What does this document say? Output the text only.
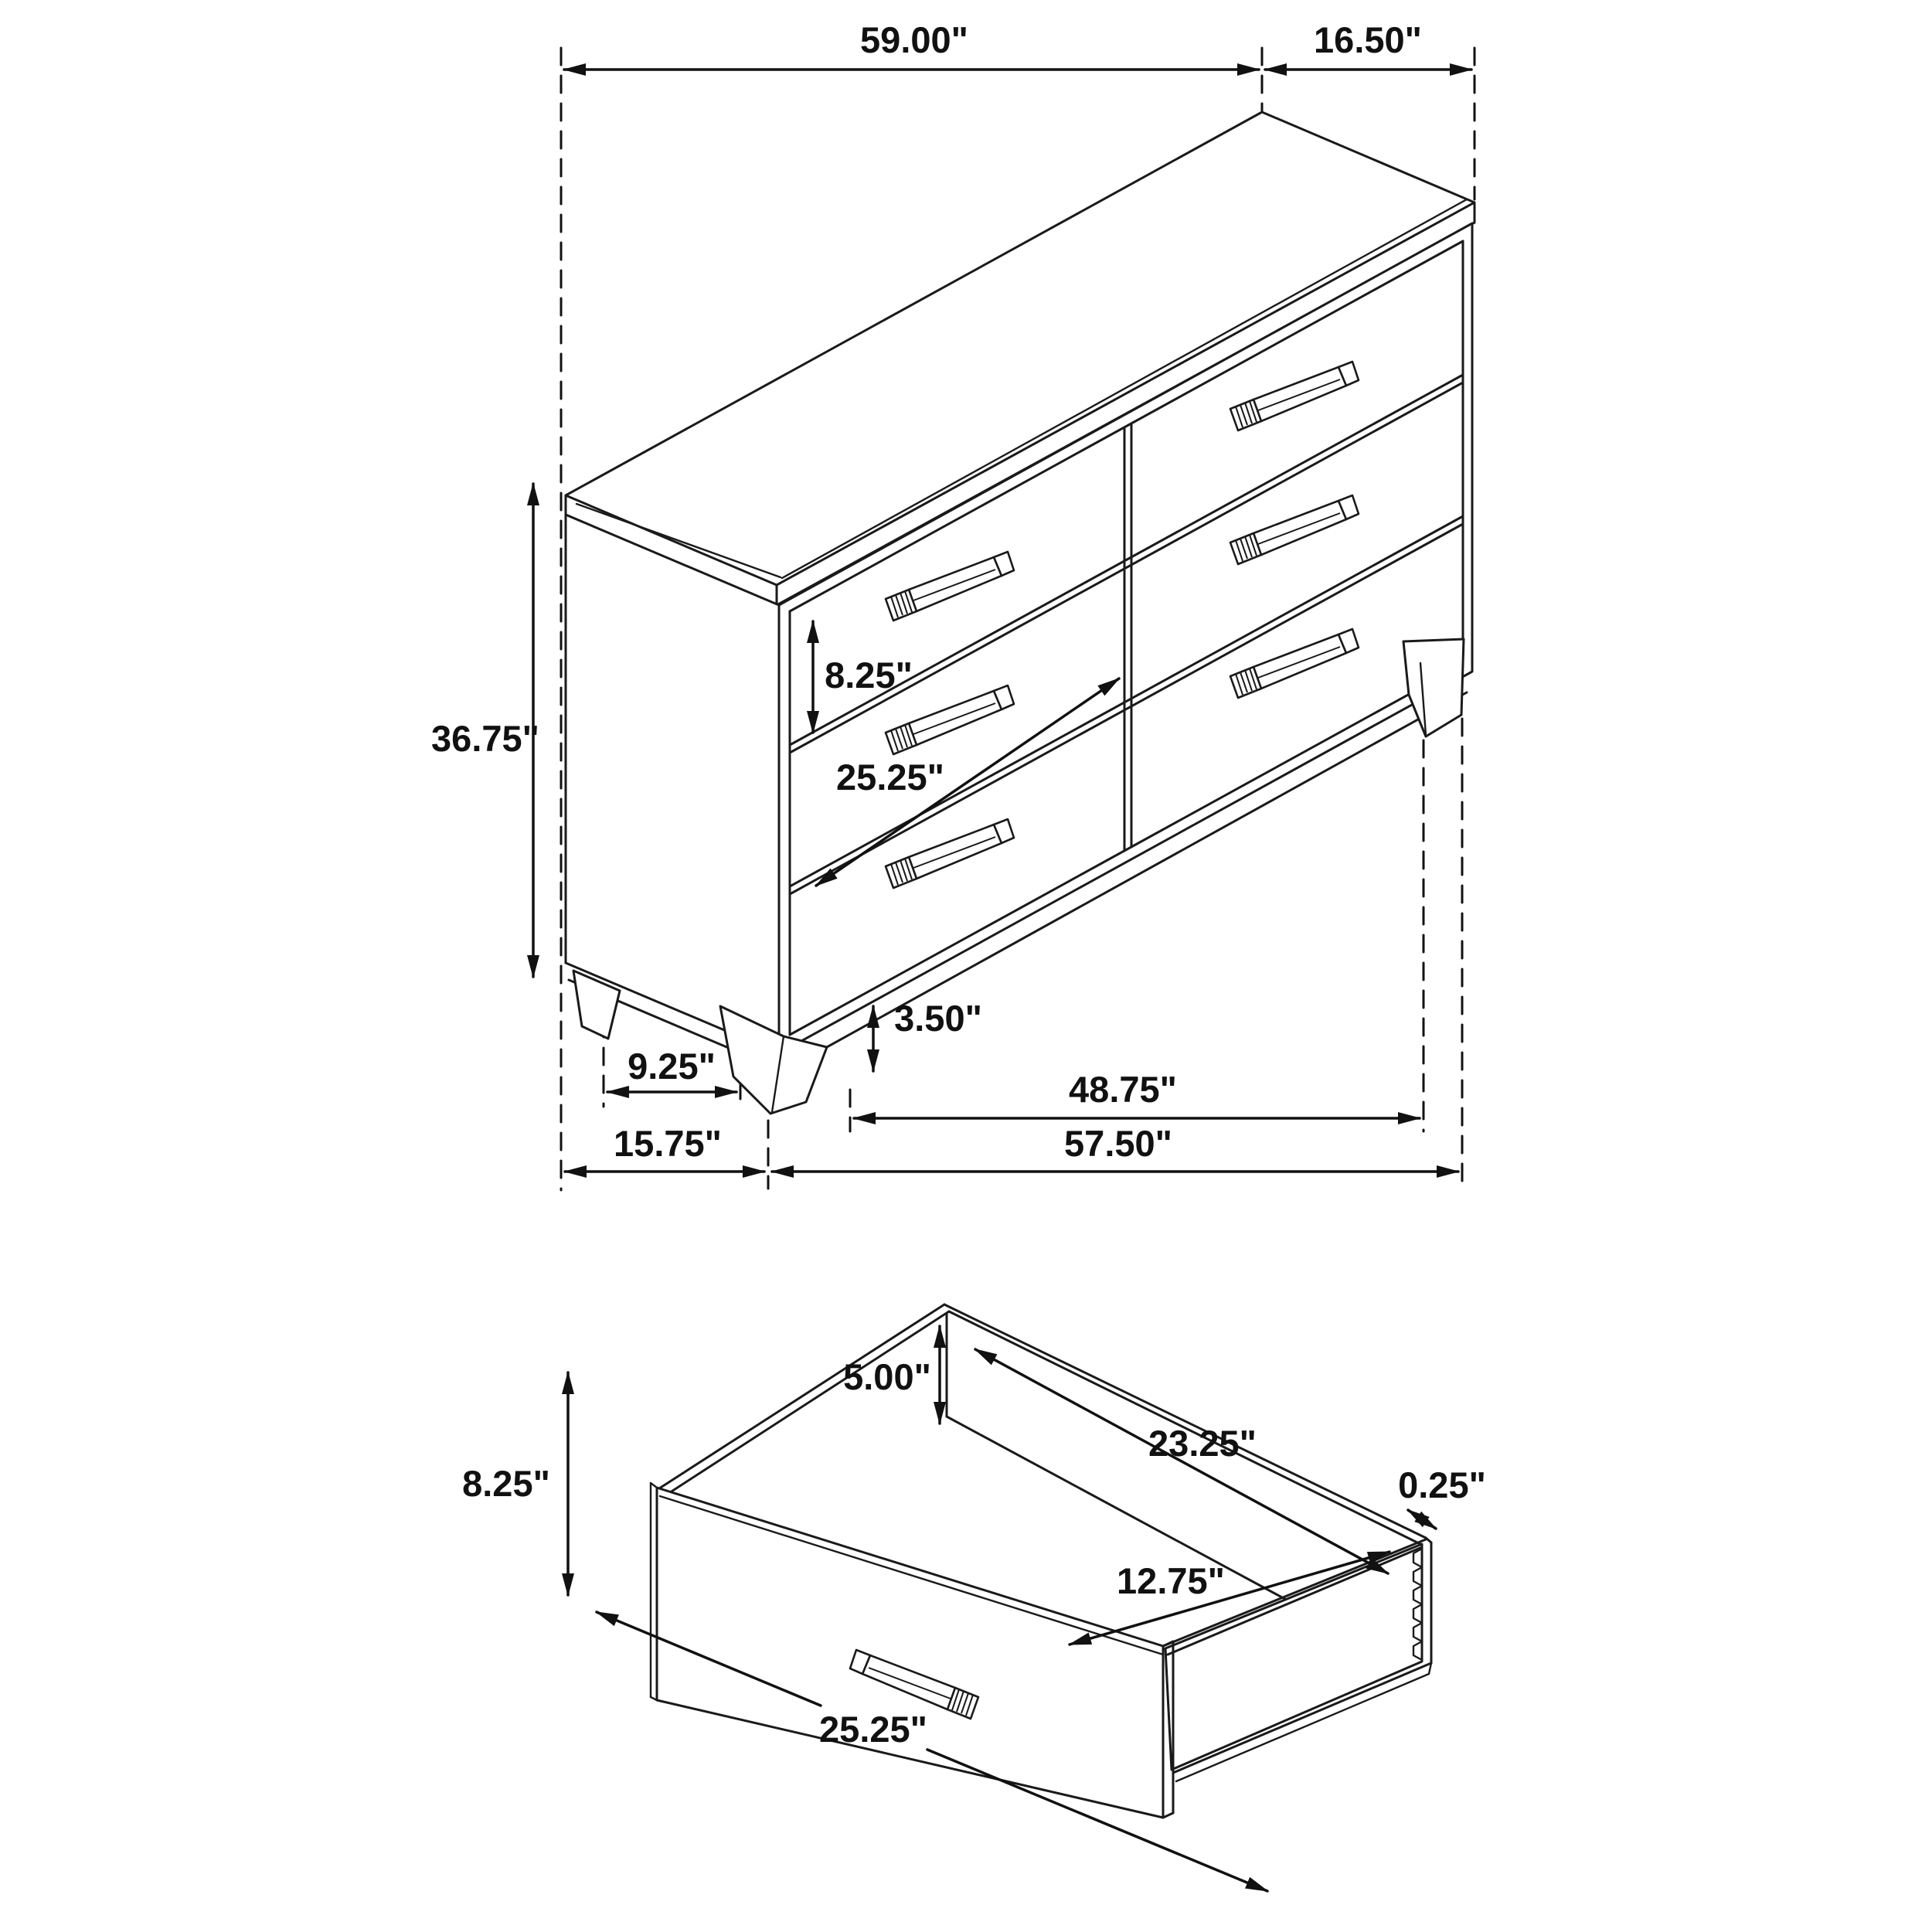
59.00"	16.50"
36.75"
8.25"
25.25"
3.50"
9.25"
15.75"	57.50"
48.75"
8.25"
5.00"
23.25"
12.75"
0.25"
25.25"
